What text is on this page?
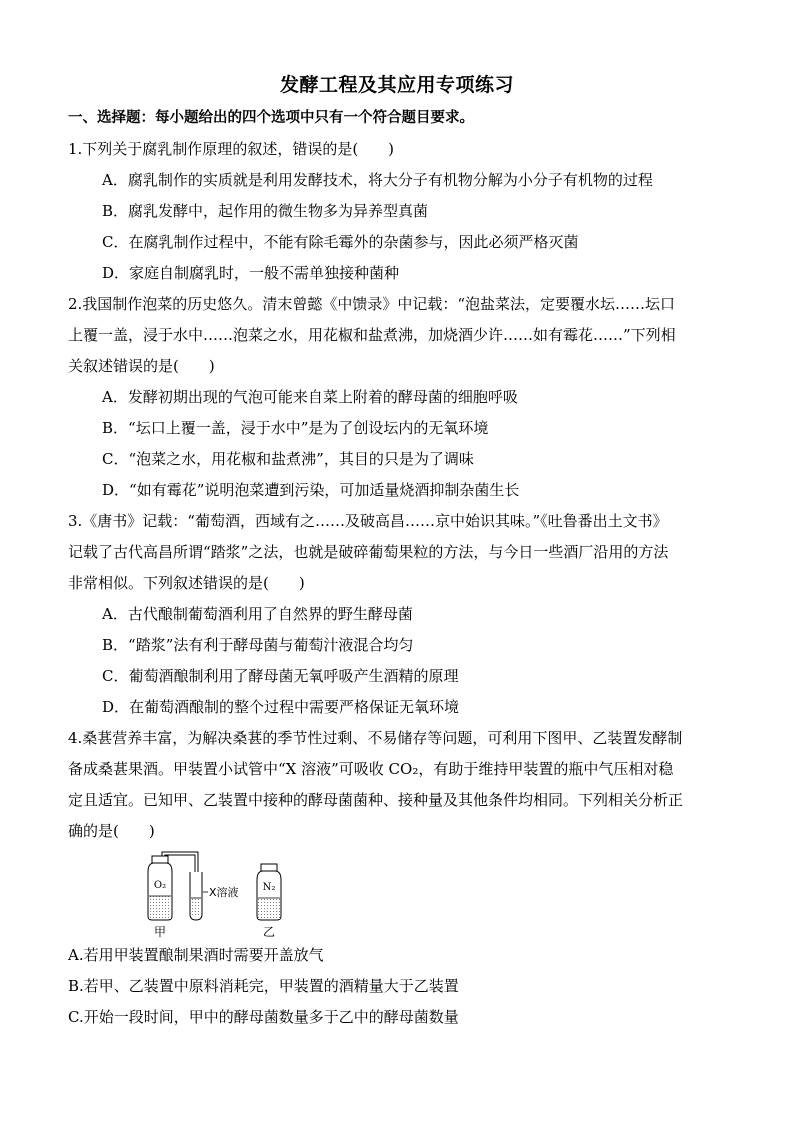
发酵工程及其应用专项练习
一、选择题：每小题给出的四个选项中只有一个符合题目要求。
1.下列关于腐乳制作原理的叙述，错误的是(　　)
A．腐乳制作的实质就是利用发酵技术，将大分子有机物分解为小分子有机物的过程
B．腐乳发酵中，起作用的微生物多为异养型真菌
C．在腐乳制作过程中，不能有除毛霉外的杂菌参与，因此必须严格灭菌
D．家庭自制腐乳时，一般不需单独接种菌种
2.我国制作泡菜的历史悠久。清末曾懿《中馈录》中记载：“泡盐菜法，定要覆水坛……坛口
上覆一盖，浸于水中……泡菜之水，用花椒和盐煮沸，加烧酒少许……如有霉花……”下列相
关叙述错误的是(　　)
A．发酵初期出现的气泡可能来自菜上附着的酵母菌的细胞呼吸
B．“坛口上覆一盖，浸于水中”是为了创设坛内的无氧环境
C．“泡菜之水，用花椒和盐煮沸”，其目的只是为了调味
D．“如有霉花”说明泡菜遭到污染，可加适量烧酒抑制杂菌生长
3.《唐书》记载：“葡萄酒，西域有之……及破高昌……京中始识其味。”《吐鲁番出土文书》
记载了古代高昌所谓“踏浆”之法，也就是破碎葡萄果粒的方法，与今日一些酒厂沿用的方法
非常相似。下列叙述错误的是(　　)
A．古代酿制葡萄酒利用了自然界的野生酵母菌
B．“踏浆”法有利于酵母菌与葡萄汁液混合均匀
C．葡萄酒酿制利用了酵母菌无氧呼吸产生酒精的原理
D．在葡萄酒酿制的整个过程中需要严格保证无氧环境
4.桑葚营养丰富，为解决桑葚的季节性过剩、不易储存等问题，可利用下图甲、乙装置发酵制
备成桑葚果酒。甲装置小试管中“X 溶液”可吸收 CO₂，有助于维持甲装置的瓶中气压相对稳
定且适宜。已知甲、乙装置中接种的酵母菌菌种、接种量及其他条件均相同。下列相关分析正
确的是(　　)
O₂
X溶液 N₂
甲	乙
A.若用甲装置酿制果酒时需要开盖放气
B.若甲、乙装置中原料消耗完，甲装置的酒精量大于乙装置
C.开始一段时间，甲中的酵母菌数量多于乙中的酵母菌数量
